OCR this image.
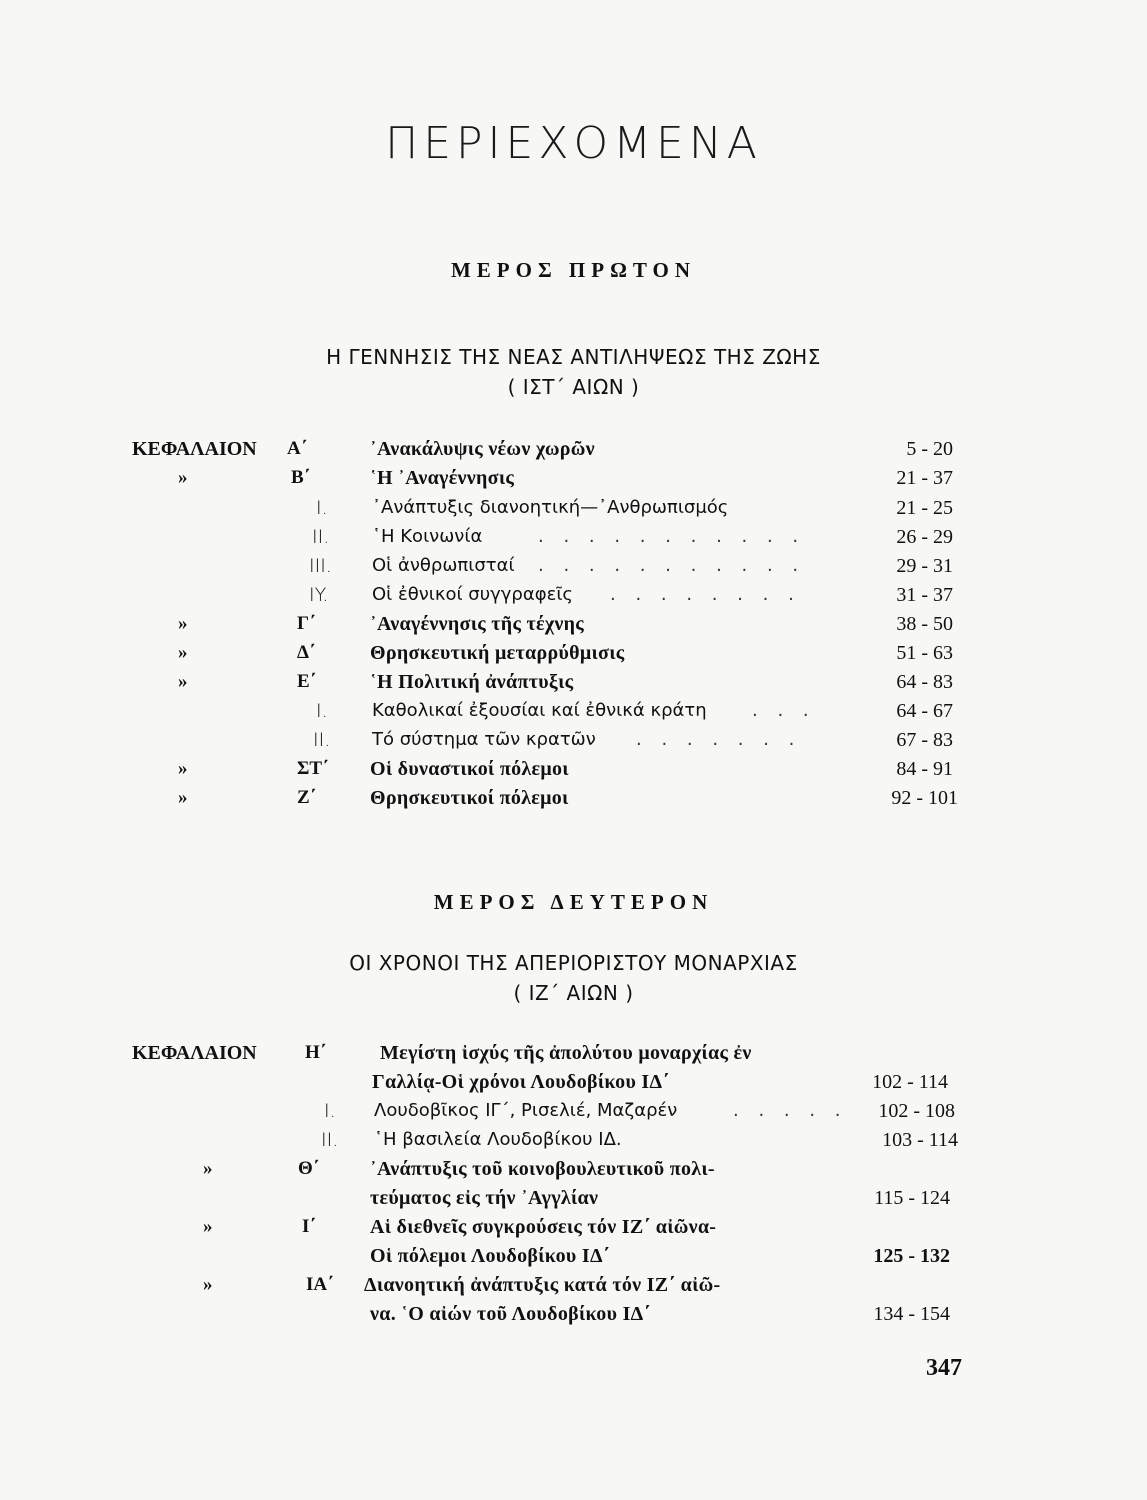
ΠΕΡΙΕΧΟΜΕΝΑ
ΜΕΡΟΣ ΠΡΩΤΟΝ
Η ΓΕΝΝΗΣΙΣ ΤΗΣ ΝΕΑΣ ΑΝΤΙΛΗΨΕΩΣ ΤΗΣ ΖΩΗΣ
( ΙΣΤ΄ ΑΙΩΝ )
ΚΕΦΑΛΑΙΟΝ Α΄	᾿Ανακάλυψις νέων χωρῶν	5 - 20
»	Β΄	῾Η ᾿Αναγέννησις	21 - 37
I. ᾿Ανάπτυξις διανοητική—᾿Ανθρωπισμός	21 - 25
II. ῾Η Κοινωνία	. . . . . . . . . . .	26 - 29
III. Οἱ ἀνθρωπισταί . . . . . . . . . . .	29 - 31
IY. Οἱ ἐθνικοί συγγραφεῖς . . . . . . . .	31 - 37
»	Γ΄	᾿Αναγέννησις τῆς τέχνης	38 - 50
»	Δ΄	Θρησκευτική μεταρρύθμισις	51 - 63
»	Ε΄	῾Η Πολιτική ἀνάπτυξις	64 - 83
I. Καθολικαί ἐξουσίαι καί ἐθνικά κράτη	. . .	64 - 67
II. Τό σύστημα τῶν κρατῶν . . . . . . .	67 - 83
»	ΣΤ΄ Οἱ δυναστικοί πόλεμοι	84 - 91
»	Ζ΄	Θρησκευτικοί πόλεμοι	92 - 101
ΜΕΡΟΣ ΔΕΥΤΕΡΟΝ
ΟΙ ΧΡΟΝΟΙ ΤΗΣ ΑΠΕΡΙΟΡΙΣΤΟΥ ΜΟΝΑΡΧΙΑΣ
( ΙΖ΄ ΑΙΩΝ )
ΚΕΦΑΛΑΙΟΝ	Η΄	Μεγίστη ἰσχύς τῆς ἀπολύτου μοναρχίας ἐν
Γαλλίᾳ-Οἱ χρόνοι Λουδοβίκου ΙΔ΄	102 - 114
I. Λουδοβῖκος ΙΓ΄, Ρισελιέ, Μαζαρέν	. . . . .	102 - 108
II. ῾Η βασιλεία Λουδοβίκου ΙΔ.	103 - 114
»	Θ΄	᾿Ανάπτυξις τοῦ κοινοβουλευτικοῦ πολι-
τεύματος εἰς τήν ᾿Αγγλίαν	115 - 124
»	Ι΄	Αἱ διεθνεῖς συγκρούσεις τόν ΙΖ΄ αἰῶνα-
Οἱ πόλεμοι Λουδοβίκου ΙΔ΄	125 - 132
»	ΙΑ΄ Διανοητική ἀνάπτυξις κατά τόν ΙΖ΄ αἰῶ-
να. ῾Ο αἰών τοῦ Λουδοβίκου ΙΔ΄	134 - 154
347
